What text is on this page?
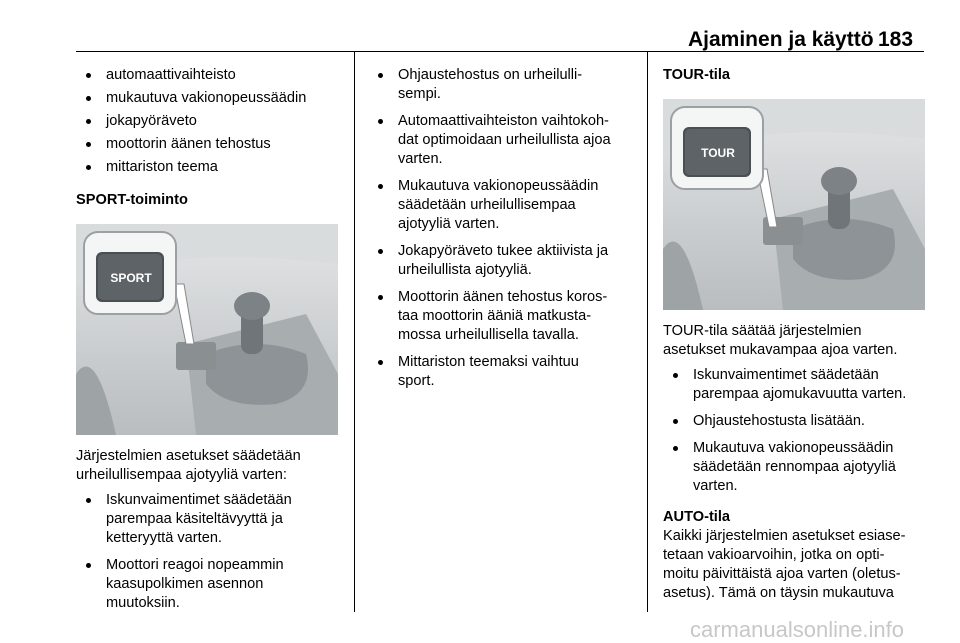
Ajaminen ja käyttö 183
automaattivaihteisto
mukautuva vakionopeussäädin
jokapyöräveto
moottorin äänen tehostus
mittariston teema

SPORT-toiminto

SPORT

Järjestelmien asetukset säädetään
urheilullisempaa ajotyyliä varten:

Iskunvaimentimet säädetään
parempaa käsiteltävyyttä ja
ketteryyttä varten.
Moottori reagoi nopeammin
kaasupolkimen asennon
muutoksiin.
Ohjaustehostus on urheilulli-
sempi.
Automaattivaihteiston vaihtokoh-
dat optimoidaan urheilullista ajoa
varten.
Mukautuva vakionopeussäädin
säädetään urheilullisempaa
ajotyyliä varten.
Jokapyöräveto tukee aktiivista ja
urheilullista ajotyyliä.
Moottorin äänen tehostus koros-
taa moottorin ääniä matkusta-
mossa urheilullisella tavalla.
Mittariston teemaksi vaihtuu
sport.

TOUR-tila

TOUR

TOUR-tila säätää järjestelmien
asetukset mukavampaa ajoa varten.

Iskunvaimentimet säädetään
parempaa ajomukavuutta varten.
Ohjaustehostusta lisätään.
Mukautuva vakionopeussäädin
säädetään rennompaa ajotyyliä
varten.

AUTO-tila

Kaikki järjestelmien asetukset esiase-
tetaan vakioarvoihin, jotka on opti-
moitu päivittäistä ajoa varten (oletus-
asetus). Tämä on täysin mukautuva

carmanualsonline.info
